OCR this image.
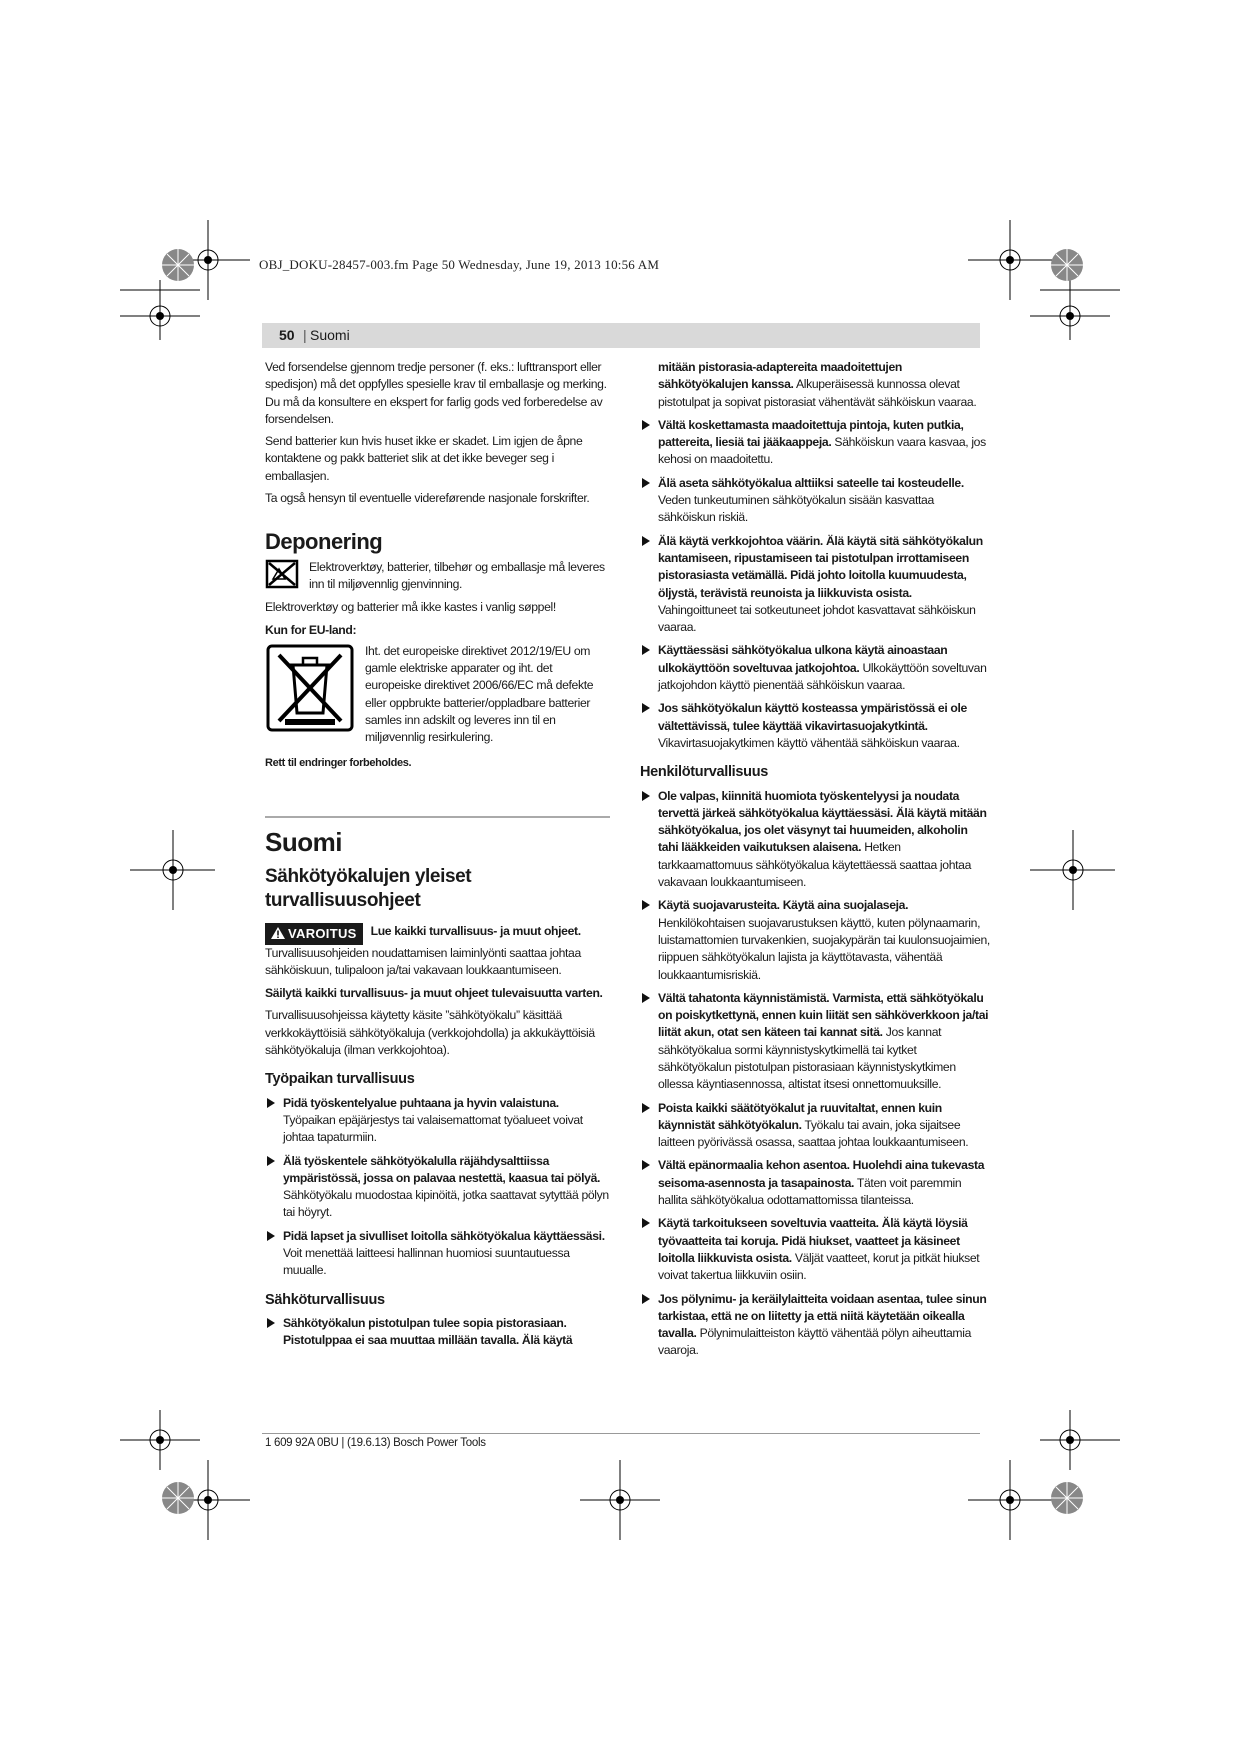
OBJ_DOKU-28457-003.fm Page 50 Wednesday, June 19, 2013 10:56 AM
50 | Suomi

Ved forsendelse gjennom tredje personer (f. eks.: lufttransport eller spedisjon) må det oppfylles spesielle krav til emballasje og merking. Du må da konsultere en ekspert for farlig gods ved forberedelse av forsendelsen.

Send batterier kun hvis huset ikke er skadet. Lim igjen de åpne kontaktene og pakk batteriet slik at det ikke beveger seg i emballasjen.

Ta også hensyn til eventuelle videreførende nasjonale forskrifter.

Deponering

Elektroverktøy, batterier, tilbehør og emballasje må leveres inn til miljøvennlig gjenvinning.

Elektroverktøy og batterier må ikke kastes i vanlig søppel!

Kun for EU-land:

Iht. det europeiske direktivet 2012/19/EU om gamle elektriske apparater og iht. det europeiske direktivet 2006/66/EC må defekte eller oppbrukte batterier/oppladbare batterier samles inn adskilt og leveres inn til en miljøvennlig resirkulering.

Rett til endringer forbeholdes.

Suomi
Sähkötyökalujen yleiset turvallisuusohjeet
VAROITUS Lue kaikki turvallisuus- ja muut ohjeet. Turvallisuusohjeiden noudattamisen laiminlyönti saattaa johtaa sähköiskuun, tulipaloon ja/tai vakavaan loukkaantumiseen.

Säilytä kaikki turvallisuus- ja muut ohjeet tulevaisuutta varten.

Turvallisuusohjeissa käytetty käsite ”sähkötyökalu” käsittää verkkokäyttöisiä sähkötyökaluja (verkkojohdolla) ja akkukäyttöisiä sähkötyökaluja (ilman verkkojohtoa).

Työpaikan turvallisuus
Pidä työskentelyalue puhtaana ja hyvin valaistuna. Työpaikan epäjärjestys tai valaisemattomat työalueet voivat johtaa tapaturmiin.
Älä työskentele sähkötyökalulla räjähdysalttiissa ympäristössä, jossa on palavaa nestettä, kaasua tai pölyä. Sähkötyökalu muodostaa kipinöitä, jotka saattavat sytyttää pölyn tai höyryt.
Pidä lapset ja sivulliset loitolla sähkötyökalua käyttäessäsi. Voit menettää laitteesi hallinnan huomiosi suuntautuessa muualle.
Sähköturvallisuus
Sähkötyökalun pistotulpan tulee sopia pistorasiaan. Pistotulppaa ei saa muuttaa millään tavalla. Älä käytä
mitään pistorasia-adaptereita maadoitettujen sähkötyökalujen kanssa. Alkuperäisessä kunnossa olevat pistotulpat ja sopivat pistorasiat vähentävät sähköiskun vaaraa.
Vältä koskettamasta maadoitettuja pintoja, kuten putkia, pattereita, liesiä tai jääkaappeja. Sähköiskun vaara kasvaa, jos kehosi on maadoitettu.
Älä aseta sähkötyökalua alttiiksi sateelle tai kosteudelle. Veden tunkeutuminen sähkötyökalun sisään kasvattaa sähköiskun riskiä.
Älä käytä verkkojohtoa väärin. Älä käytä sitä sähkötyökalun kantamiseen, ripustamiseen tai pistotulpan irrottamiseen pistorasiasta vetämällä. Pidä johto loitolla kuumuudesta, öljystä, terävistä reunoista ja liikkuvista osista. Vahingoittuneet tai sotkeutuneet johdot kasvattavat sähköiskun vaaraa.
Käyttäessäsi sähkötyökalua ulkona käytä ainoastaan ulkokäyttöön soveltuvaa jatkojohtoa. Ulkokäyttöön soveltuvan jatkojohdon käyttö pienentää sähköiskun vaaraa.
Jos sähkötyökalun käyttö kosteassa ympäristössä ei ole vältettävissä, tulee käyttää vikavirtasuojakytkintä. Vikavirtasuojakytkimen käyttö vähentää sähköiskun vaaraa.
Henkilöturvallisuus
Ole valpas, kiinnitä huomiota työskentelyysi ja noudata tervettä järkeä sähkötyökalua käyttäessäsi. Älä käytä mitään sähkötyökalua, jos olet väsynyt tai huumeiden, alkoholin tahi lääkkeiden vaikutuksen alaisena. Hetken tarkkaamattomuus sähkötyökalua käytettäessä saattaa johtaa vakavaan loukkaantumiseen.
Käytä suojavarusteita. Käytä aina suojalaseja. Henkilökohtaisen suojavarustuksen käyttö, kuten pölynaamarin, luistamattomien turvakenkien, suojakypärän tai kuulonsuojaimien, riippuen sähkötyökalun lajista ja käyttötavasta, vähentää loukkaantumisriskiä.
Vältä tahatonta käynnistämistä. Varmista, että sähkötyökalu on poiskytkettynä, ennen kuin liität sen sähköverkkoon ja/tai liität akun, otat sen käteen tai kannat sitä. Jos kannat sähkötyökalua sormi käynnistyskytkimellä tai kytket sähkötyökalun pistotulpan pistorasiaan käynnistyskytkimen ollessa käyntiasennossa, altistat itsesi onnettomuuksille.
Poista kaikki säätötyökalut ja ruuvitaltat, ennen kuin käynnistät sähkötyökalun. Työkalu tai avain, joka sijaitsee laitteen pyörivässä osassa, saattaa johtaa loukkaantumiseen.
Vältä epänormaalia kehon asentoa. Huolehdi aina tukevasta seisoma-asennosta ja tasapainosta. Täten voit paremmin hallita sähkötyökalua odottamattomissa tilanteissa.
Käytä tarkoitukseen soveltuvia vaatteita. Älä käytä löysiä työvaatteita tai koruja. Pidä hiukset, vaatteet ja käsineet loitolla liikkuvista osista. Väljät vaatteet, korut ja pitkät hiukset voivat takertua liikkuviin osiin.
Jos pölynimu- ja keräilylaitteita voidaan asentaa, tulee sinun tarkistaa, että ne on liitetty ja että niitä käytetään oikealla tavalla. Pölynimulaitteiston käyttö vähentää pölyn aiheuttamia vaaroja.
1 609 92A 0BU | (19.6.13) Bosch Power Tools
